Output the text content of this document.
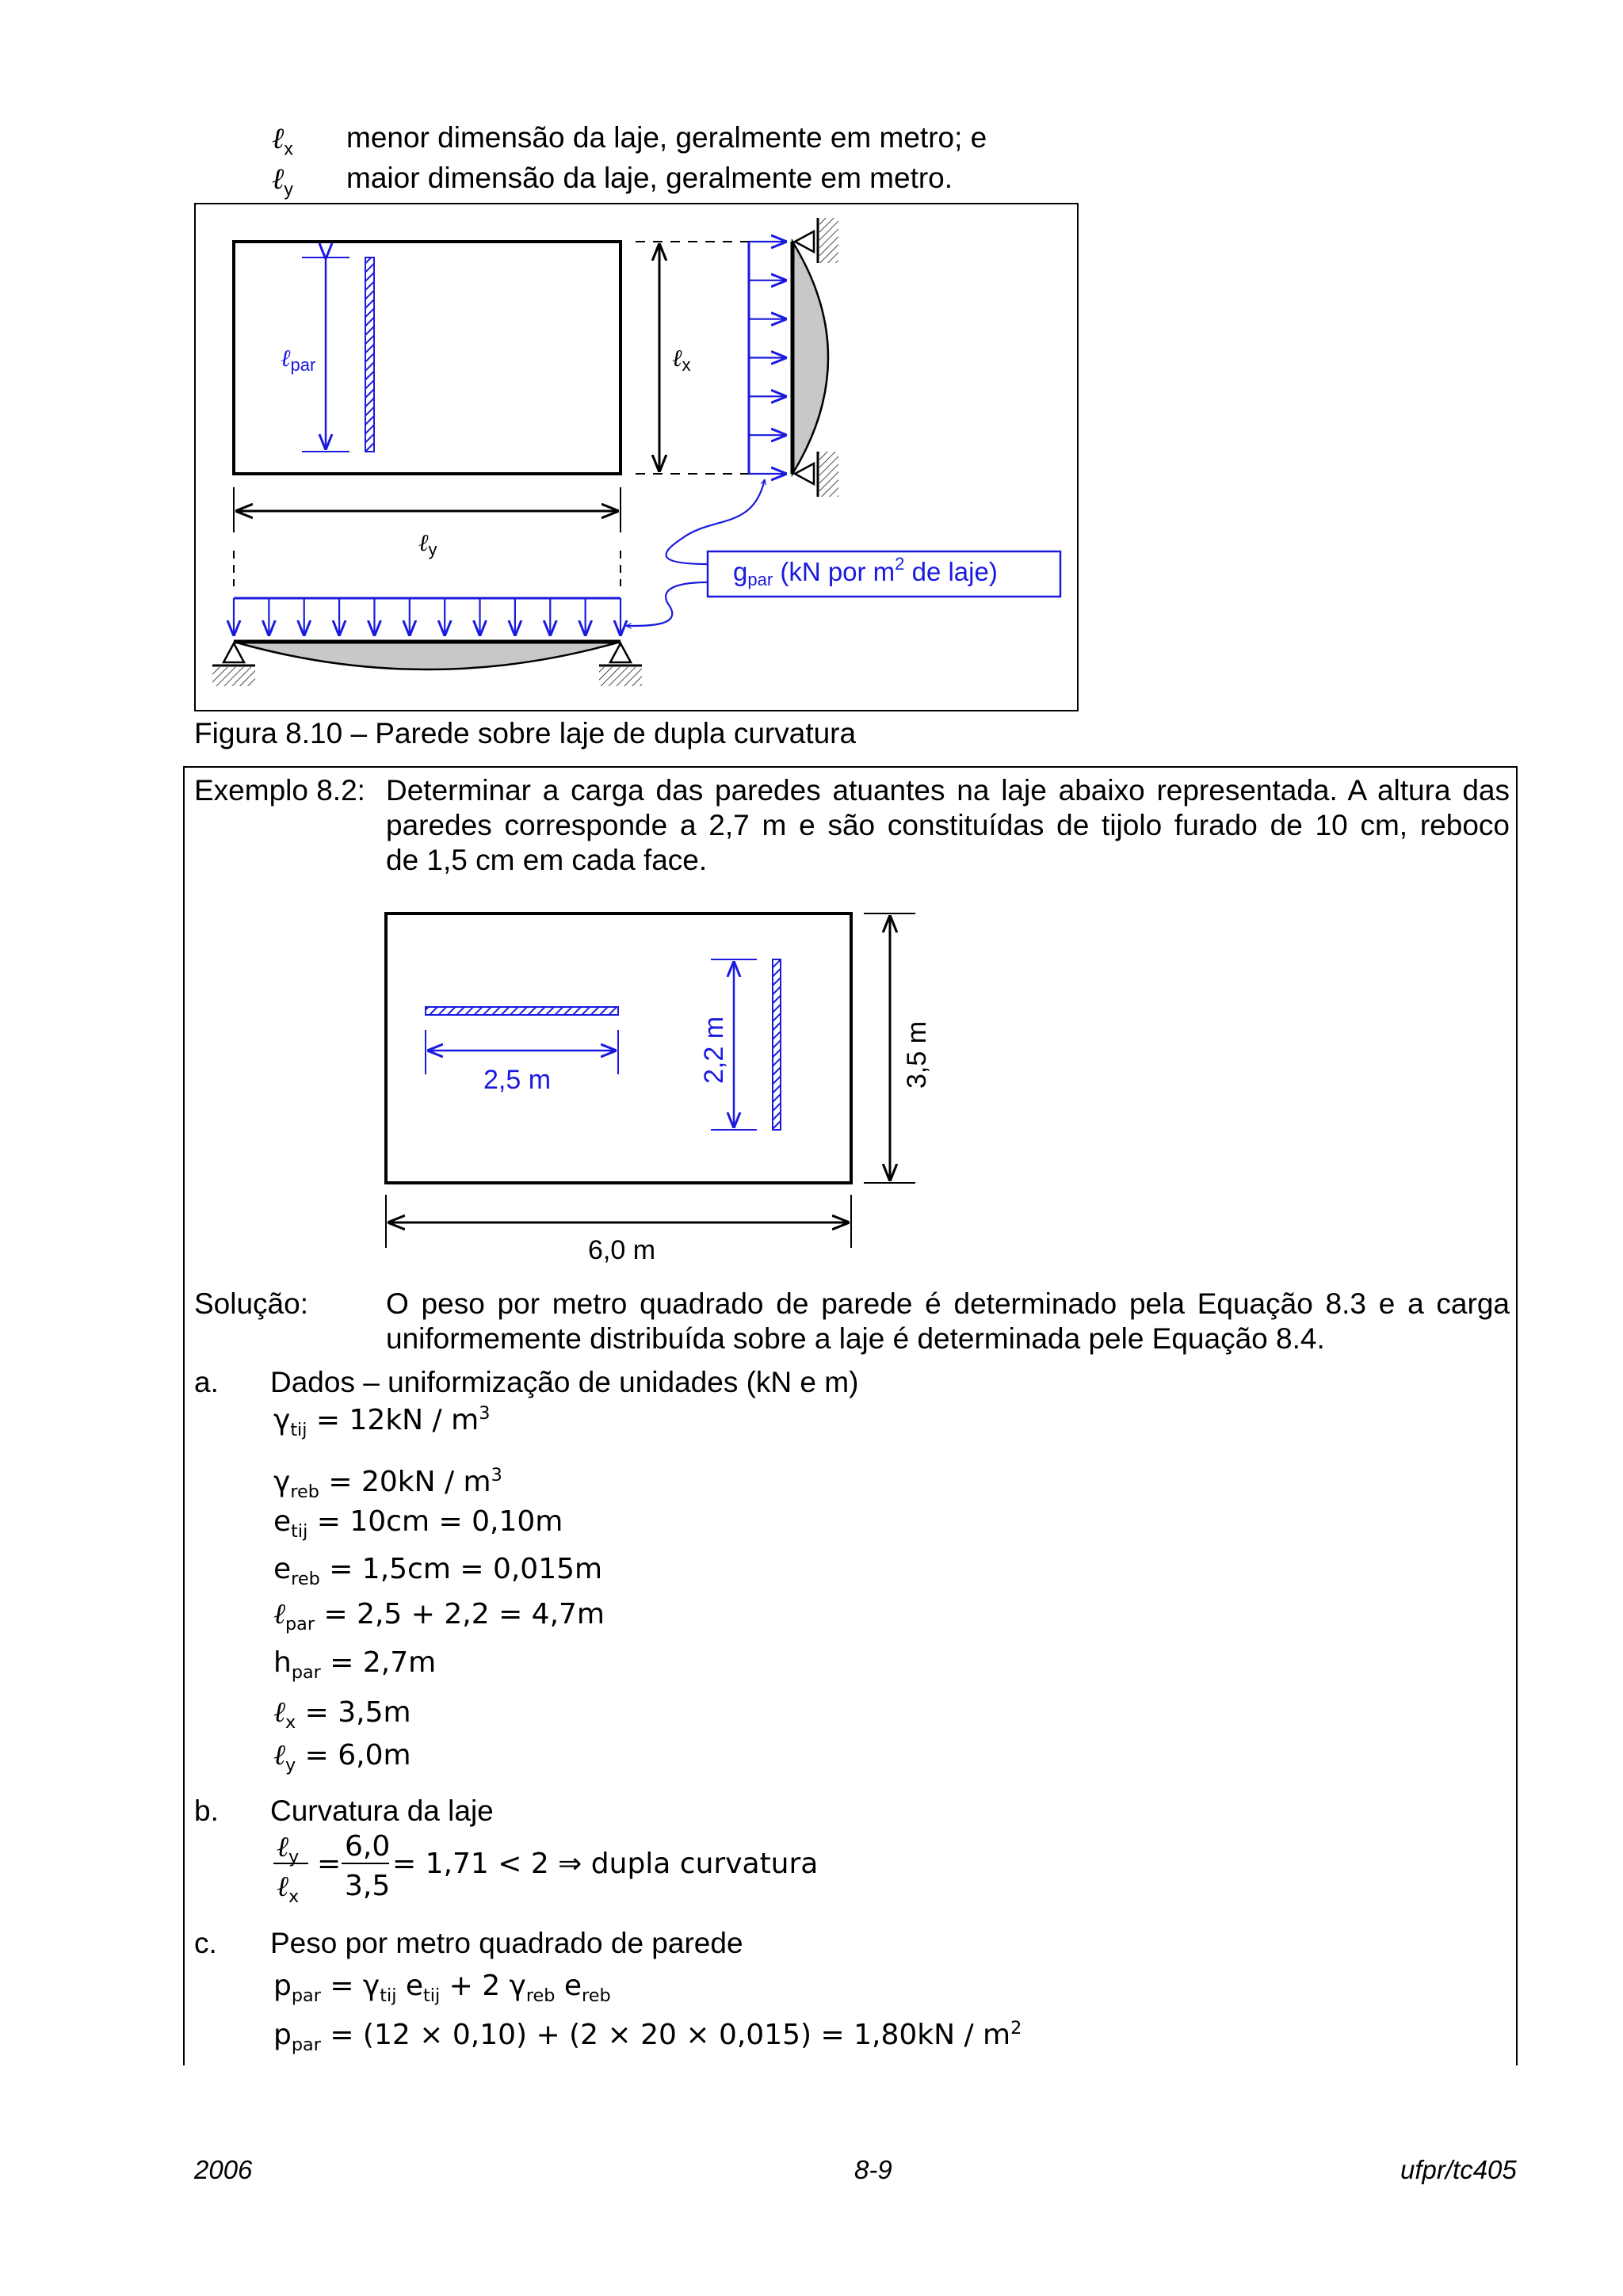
ℓ$_x$ menor dimensão da laje, geralmente em metro; e
ℓ$_y$ maior dimensão da laje, geralmente em metro.
ℓ$_{par}$	ℓ$_x$
ℓ$_y$
gpar (kN por $m^2$ de laje)
Figura 8.10 – Parede sobre laje de dupla curvatura
Exemplo 8.2: Determinar a carga das paredes atuantes na laje abaixo representada. A altura das
paredes corresponde a 2,7 m e são constituídas de tijolo furado de 10 cm, reboco
de 1,5 cm em cada face.
2,5 m	2,2 m	3,5 m
6,0 m
Solução:	O peso por metro quadrado de parede é determinado pela Equação 8.3 e a carga
uniformemente distribuída sobre a laje é determinada pele Equação 8.4.
a. Dados – uniformização de unidades (kN e m)
$\gamma_{tij} = 12kN / m^3$
$\gamma_{reb} = 20kN / m^3$
$e_{tij} = 10cm = 0,10m$
$e_{reb} = 1,5cm = 0,015m$
ℓ$_{par}$ = 2,5 + 2,2 = 4,7m
$h_{par} = 2,7m$
ℓ$_x$ = 3,5m
ℓ$_y$ = 6,0m
b. Curvatura da laje
ℓ$_y$
ℓ$_x$
=
6,0
3,5
= 1,71 < 2 ⇒ dupla curvatura
c. Peso por metro quadrado de parede
$p_{par} = \gamma_{tij}$ $e_{tij} + 2$ $\gamma_{reb}$ $e_{reb}$
$p_{par} = (12 \times 0,10) + (2 \times 20 \times 0,015) = 1,80kN / m^2$
2006	8-9	ufpr/tc405
